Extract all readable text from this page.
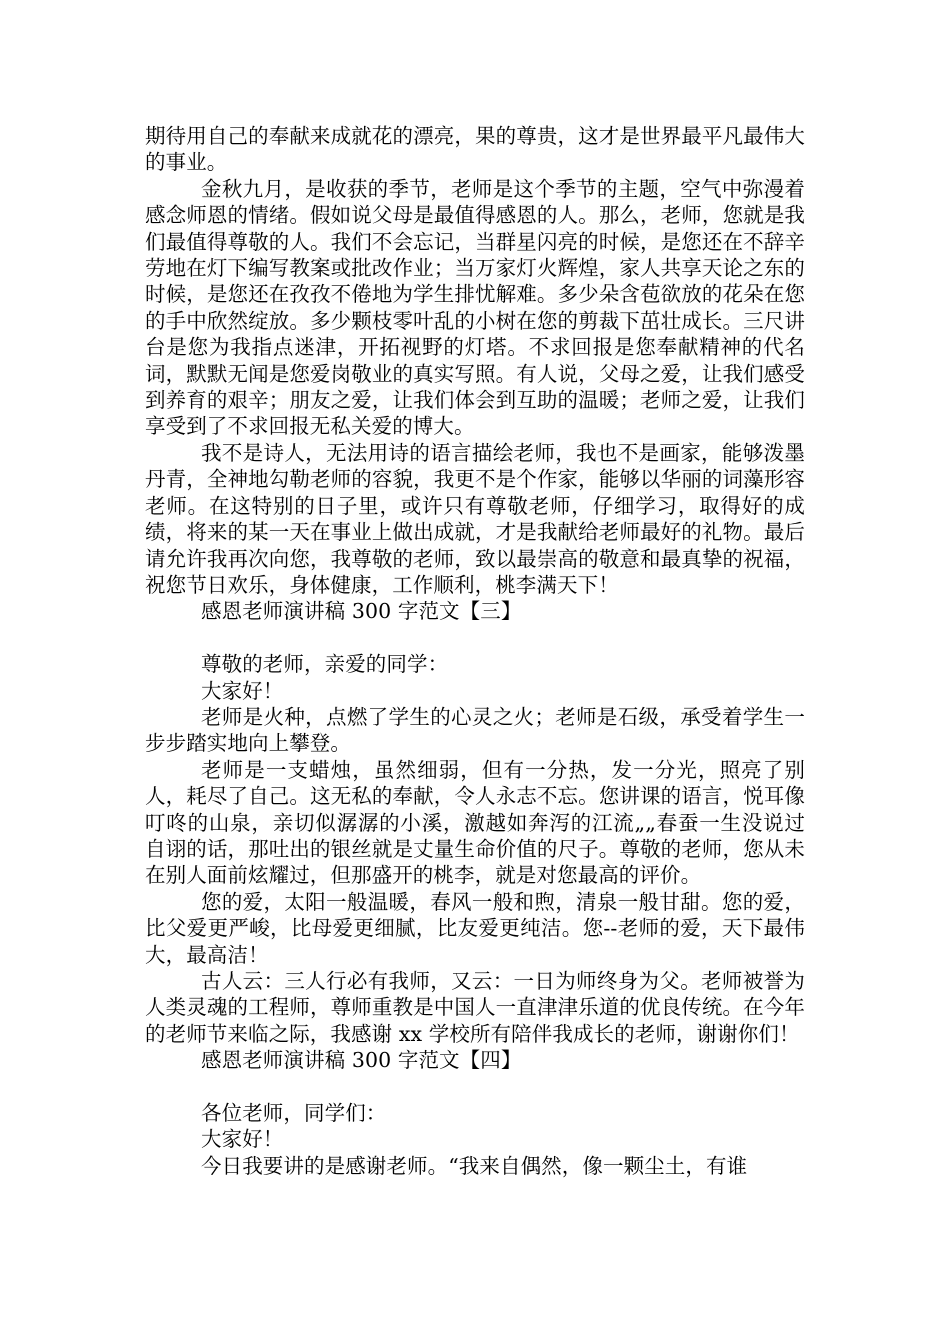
期待用自己的奉献来成就花的漂亮，果的尊贵，这才是世界最平凡最伟大的事业。

金秋九月，是收获的季节，老师是这个季节的主题，空气中弥漫着感念师恩的情绪。假如说父母是最值得感恩的人。那么，老师，您就是我们最值得尊敬的人。我们不会忘记，当群星闪亮的时候，是您还在不辞辛劳地在灯下编写教案或批改作业；当万家灯火辉煌，家人共享天论之东的时候，是您还在孜孜不倦地为学生排忧解难。多少朵含苞欲放的花朵在您的手中欣然绽放。多少颗枝零叶乱的小树在您的剪裁下茁壮成长。三尺讲台是您为我指点迷津，开拓视野的灯塔。不求回报是您奉献精神的代名词，默默无闻是您爱岗敬业的真实写照。有人说，父母之爱，让我们感受到养育的艰辛；朋友之爱，让我们体会到互助的温暖；老师之爱，让我们享受到了不求回报无私关爱的博大。

我不是诗人，无法用诗的语言描绘老师，我也不是画家，能够泼墨丹青，全神地勾勒老师的容貌，我更不是个作家，能够以华丽的词藻形容老师。在这特别的日子里，或许只有尊敬老师，仔细学习，取得好的成绩，将来的某一天在事业上做出成就，才是我献给老师最好的礼物。最后请允许我再次向您，我尊敬的老师，致以最崇高的敬意和最真挚的祝福，祝您节日欢乐，身体健康，工作顺利，桃李满天下！

感恩老师演讲稿 300 字范文【三】

尊敬的老师，亲爱的同学：

大家好！

老师是火种，点燃了学生的心灵之火；老师是石级，承受着学生一步步踏实地向上攀登。

老师是一支蜡烛，虽然细弱，但有一分热，发一分光，照亮了别人，耗尽了自己。这无私的奉献，令人永志不忘。您讲课的语言，悦耳像叮咚的山泉，亲切似潺潺的小溪，激越如奔泻的江流„„春蚕一生没说过自诩的话，那吐出的银丝就是丈量生命价值的尺子。尊敬的老师，您从未在别人面前炫耀过，但那盛开的桃李，就是对您最高的评价。

您的爱，太阳一般温暖，春风一般和煦，清泉一般甘甜。您的爱，比父爱更严峻，比母爱更细腻，比友爱更纯洁。您--老师的爱，天下最伟大，最高洁！

古人云：三人行必有我师，又云：一日为师终身为父。老师被誉为人类灵魂的工程师，尊师重教是中国人一直津津乐道的优良传统。在今年的老师节来临之际，我感谢 xx 学校所有陪伴我成长的老师，谢谢你们！

感恩老师演讲稿 300 字范文【四】

各位老师，同学们：

大家好！

今日我要讲的是感谢老师。“我来自偶然，像一颗尘土，有谁
